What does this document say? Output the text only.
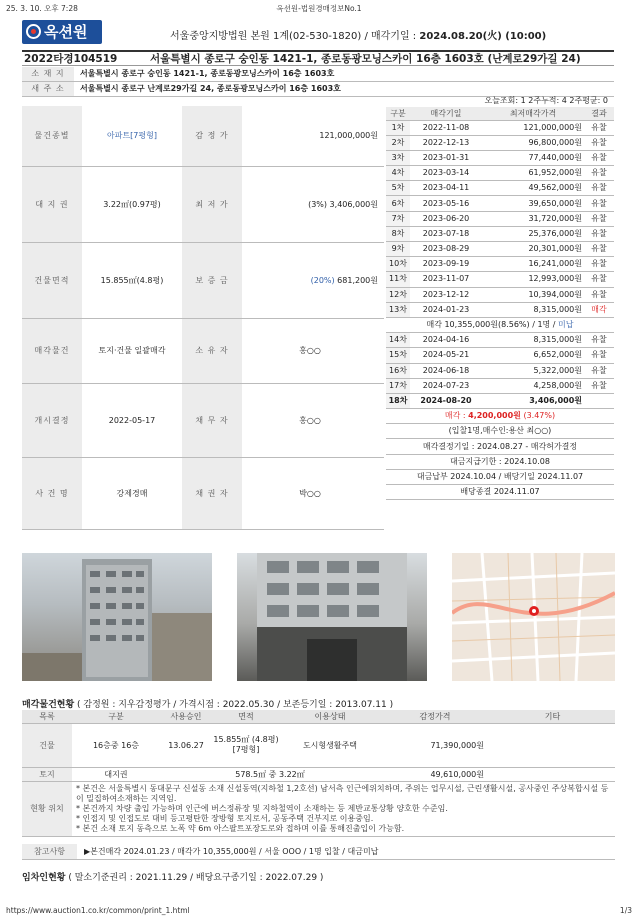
25. 3. 10. 오후 7:28	옥션원-법원경매정보No.1
옥션원	서울중앙지방법원 본원 1계(02-530-1820) / 매각기일 : 2024.08.20(火) (10:00)
2022타경104519	서울특별시 종로구 숭인동 1421-1, 종로동광모닝스카이 16층 1603호 (난계로29가길 24)
소 재 지	서울특별시 종로구 숭인동 1421-1, 종로동광모닝스카이 16층 1603호
새 주 소	서울특별시 종로구 난계로29가길 24, 종로동광모닝스카이 16층 1603호
물건종별	아파트[7평형]	감 정 가	121,000,000원
대 지 권	3.22㎡(0.97평)	최 저 가	(3%) 3,406,000원
건물면적	15.855㎡(4.8평)	보 증 금	(20%) 681,200원
매각물건	토지·건물 일괄매각	소 유 자	홍○○
개시결정	2022-05-17	채 무 자	홍○○
사 건 명	강제경매	채 권 자	박○○
오늘조회: 1 2주누적: 4 2주평균: 0
구분	매각기일	최저매각가격	결과
1차	2022-11-08	121,000,000원	유찰
2차	2022-12-13	96,800,000원	유찰
3차	2023-01-31	77,440,000원	유찰
4차	2023-03-14	61,952,000원	유찰
5차	2023-04-11	49,562,000원	유찰
6차	2023-05-16	39,650,000원	유찰
7차	2023-06-20	31,720,000원	유찰
8차	2023-07-18	25,376,000원	유찰
9차	2023-08-29	20,301,000원	유찰
10차	2023-09-19	16,241,000원	유찰
11차	2023-11-07	12,993,000원	유찰
12차	2023-12-12	10,394,000원	유찰
13차	2024-01-23	8,315,000원	매각
매각 10,355,000원(8.56%) / 1명 / 미납			
14차	2024-04-16	8,315,000원	유찰
15차	2024-05-21	6,652,000원	유찰
16차	2024-06-18	5,322,000원	유찰
17차	2024-07-23	4,258,000원	유찰
18차	2024-08-20	3,406,000원	
매각 : 4,200,000원 (3.47%)			
(입찰1명,매수인:용산 최○○)			
매각결정기일 : 2024.08.27 - 매각허가결정			
대금지급기한 : 2024.10.08			
대금납부 2024.10.04 / 배당기일 2024.11.07			
배당종결 2024.11.07			
매각물건현황 ( 감정원 : 지우감정평가 / 가격시점 : 2022.05.30 / 보존등기일 : 2013.07.11 )
목록	구분	사용승인	면적	이용상태	감정가격	기타
건물	16층중 16층	13.06.27	15.855㎡ (4.8평) [7평형]	도시형생활주택	71,390,000원	
토지	대지권	578.5㎡ 중 3.22㎡			49,610,000원	
현황 위치	* 본건은 서울특별시 동대문구 신설동 소재 신설동역(지하철 1,2호선) 남서측 인근에위치하며, 주위는 업무시설, 근린생활시설, 공사중인 주상복합시설 등이 밀집하여소재하는 지역임.
* 본건까지 차량 출입 가능하며 인근에 버스정류장 및 지하철역이 소재하는 등 제반교통상황 양호한 수준임.
* 인접지 및 인접도로 대비 등고평탄한 장방형 토지로서, 공동주택 건부지로 이용중임.
* 본건 소재 토지 동측으로 노폭 약 6m 아스팔트포장도로와 접하며 이를 통해진출입이 가능함.					
참고사항	▶본건매각 2024.01.23 / 매각가 10,355,000원 / 서울 OOO / 1명 입찰 / 대금미납
임차인현황 ( 말소기준권리 : 2021.11.29 / 배당요구종기일 : 2022.07.29 )
https://www.auction1.co.kr/common/print_1.html	1/3
